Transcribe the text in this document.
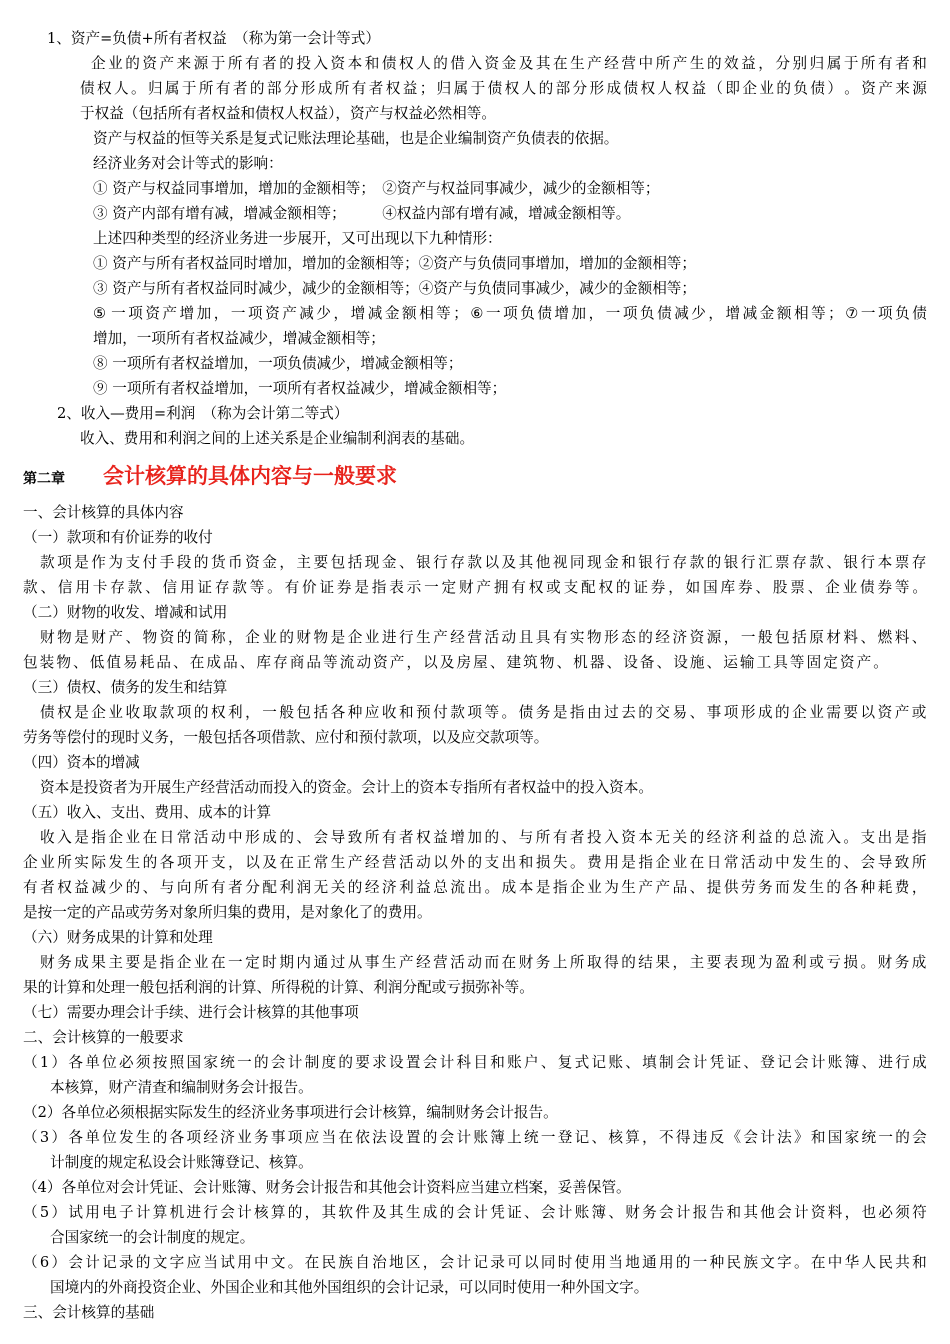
1、资产=负债+所有者权益　（称为第一会计等式）
企 业 的 资 产 来 源 于 所 有 者 的 投 入 资 本 和 债 权 人 的 借 入 资 金 及 其 在 生 产 经 营 中 所 产 生 的 效 益 ， 分 别 归 属 于 所 有 者 和
债 权 人 。 归 属 于 所 有 者 的 部 分 形 成 所 有 者 权 益 ； 归 属 于 债 权 人 的 部 分 形 成 债 权 人 权 益 （ 即 企 业 的 负 债 ） 。 资 产 来 源
于权益（包括所有者权益和债权人权益），资产与权益必然相等。
资产与权益的恒等关系是复式记账法理论基础，也是企业编制资产负债表的依据。
经济业务对会计等式的影响：
① 资产与权益同事增加，增加的金额相等；　②资产与权益同事减少，减少的金额相等；
③ 资产内部有增有减，增减金额相等；　　　④权益内部有增有减，增减金额相等。
上述四种类型的经济业务进一步展开，又可出现以下九种情形：
① 资产与所有者权益同时增加，增加的金额相等；②资产与负债同事增加，增加的金额相等；
③ 资产与所有者权益同时减少，减少的金额相等；④资产与负债同事减少，减少的金额相等；
⑤ 一 项 资 产 增 加 ， 一 项 资 产 减 少 ， 增 减 金 额 相 等 ； ⑥ 一 项 负 债 增 加 ， 一 项 负 债 减 少 ， 增 减 金 额 相 等 ； ⑦ 一 项 负 债
增加，一项所有者权益减少，增减金额相等；
⑧ 一项所有者权益增加，一项负债减少，增减金额相等；
⑨ 一项所有者权益增加，一项所有者权益减少，增减金额相等；
2、收入—费用=利润　（称为会计第二等式）
收入、费用和利润之间的上述关系是企业编制利润表的基础。
第二章	会计核算的具体内容与一般要求
一、会计核算的具体内容
（一）款项和有价证券的收付
款 项 是 作 为 支 付 手 段 的 货 币 资 金 ， 主 要 包 括 现 金 、 银 行 存 款 以 及 其 他 视 同 现 金 和 银 行 存 款 的 银 行 汇 票 存 款 、 银 行 本 票 存
款 、 信 用 卡 存 款 、 信 用 证 存 款 等 。 有 价 证 券 是 指 表 示 一 定 财 产 拥 有 权 或 支 配 权 的 证 券 ， 如 国 库 券 、 股 票 、 企 业 债 券 等 。
（二）财物的收发、增减和试用
财 物 是 财 产 、 物 资 的 简 称 ， 企 业 的 财 物 是 企 业 进 行 生 产 经 营 活 动 且 具 有 实 物 形 态 的 经 济 资 源 ， 一 般 包 括 原 材 料 、 燃 料 、
包 装 物 、 低 值 易 耗 品 、 在 成 品 、 库 存 商 品 等 流 动 资 产 ， 以 及 房 屋 、 建 筑 物 、 机 器 、 设 备 、 设 施 、 运 输 工 具 等 固 定 资 产 。
（三）债权、债务的发生和结算
债 权 是 企 业 收 取 款 项 的 权 利 ， 一 般 包 括 各 种 应 收 和 预 付 款 项 等 。 债 务 是 指 由 过 去 的 交 易 、 事 项 形 成 的 企 业 需 要 以 资 产 或
劳务等偿付的现时义务，一般包括各项借款、应付和预付款项，以及应交款项等。
（四）资本的增减
资本是投资者为开展生产经营活动而投入的资金。会计上的资本专指所有者权益中的投入资本。
（五）收入、支出、费用、成本的计算
收 入 是 指 企 业 在 日 常 活 动 中 形 成 的 、 会 导 致 所 有 者 权 益 增 加 的 、 与 所 有 者 投 入 资 本 无 关 的 经 济 利 益 的 总 流 入 。 支 出 是 指
企 业 所 实 际 发 生 的 各 项 开 支 ， 以 及 在 正 常 生 产 经 营 活 动 以 外 的 支 出 和 损 失 。 费 用 是 指 企 业 在 日 常 活 动 中 发 生 的 、 会 导 致 所
有 者 权 益 减 少 的 、 与 向 所 有 者 分 配 利 润 无 关 的 经 济 利 益 总 流 出 。 成 本 是 指 企 业 为 生 产 产 品 、 提 供 劳 务 而 发 生 的 各 种 耗 费 ，
是按一定的产品或劳务对象所归集的费用，是对象化了的费用。
（六）财务成果的计算和处理
财 务 成 果 主 要 是 指 企 业 在 一 定 时 期 内 通 过 从 事 生 产 经 营 活 动 而 在 财 务 上 所 取 得 的 结 果 ， 主 要 表 现 为 盈 利 或 亏 损 。 财 务 成
果的计算和处理一般包括利润的计算、所得税的计算、利润分配或亏损弥补等。
（七）需要办理会计手续、进行会计核算的其他事项
二、会计核算的一般要求
（ 1 ） 各 单 位 必 须 按 照 国 家 统 一 的 会 计 制 度 的 要 求 设 置 会 计 科 目 和 账 户 、 复 式 记 账 、 填 制 会 计 凭 证 、 登 记 会 计 账 簿 、 进 行 成
本核算，财产清查和编制财务会计报告。
（2）各单位必须根据实际发生的经济业务事项进行会计核算，编制财务会计报告。
（ 3 ） 各 单 位 发 生 的 各 项 经 济 业 务 事 项 应 当 在 依 法 设 置 的 会 计 账 簿 上 统 一 登 记 、 核 算 ， 不 得 违 反 《 会 计 法 》 和 国 家 统 一 的 会
计制度的规定私设会计账簿登记、核算。
（4）各单位对会计凭证、会计账簿、财务会计报告和其他会计资料应当建立档案，妥善保管。
（ 5 ） 试 用 电 子 计 算 机 进 行 会 计 核 算 的 ， 其 软 件 及 其 生 成 的 会 计 凭 证 、 会 计 账 簿 、 财 务 会 计 报 告 和 其 他 会 计 资 料 ， 也 必 须 符
合国家统一的会计制度的规定。
（ 6 ） 会 计 记 录 的 文 字 应 当 试 用 中 文 。 在 民 族 自 治 地 区 ， 会 计 记 录 可 以 同 时 使 用 当 地 通 用 的 一 种 民 族 文 字 。 在 中 华 人 民 共 和
国境内的外商投资企业、外国企业和其他外国组织的会计记录，可以同时使用一种外国文字。
三、会计核算的基础
